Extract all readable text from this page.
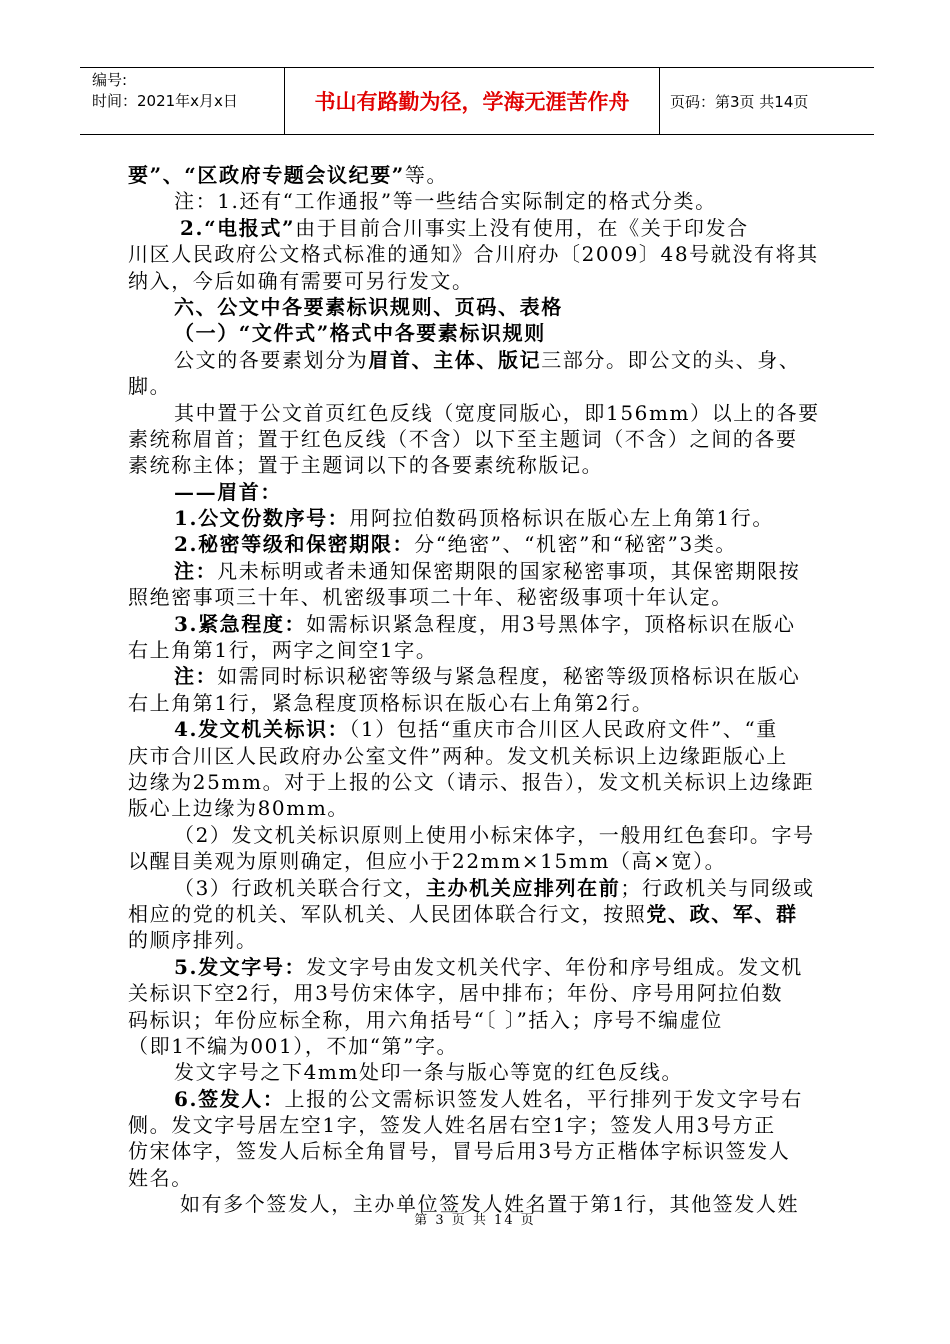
编号:
时间：2021年x月x日	书山有路勤为径，学海无涯苦作舟	页码：第3页 共14页
要”、“区政府专题会议纪要”等。
注：1.还有“工作通报”等一些结合实际制定的格式分类。
2.“电报式”由于目前合川事实上没有使用，在《关于印发合
川区人民政府公文格式标准的通知》合川府办〔2009〕48号就没有将其
纳入，今后如确有需要可另行发文。
六、公文中各要素标识规则、页码、表格
（一）“文件式”格式中各要素标识规则
公文的各要素划分为眉首、主体、版记三部分。即公文的头、身、
脚。
其中置于公文首页红色反线（宽度同版心，即156mm）以上的各要
素统称眉首；置于红色反线（不含）以下至主题词（不含）之间的各要
素统称主体；置于主题词以下的各要素统称版记。
——眉首：
1.公文份数序号：用阿拉伯数码顶格标识在版心左上角第1行。
2.秘密等级和保密期限：分“绝密”、“机密”和“秘密”3类。
注：凡未标明或者未通知保密期限的国家秘密事项，其保密期限按
照绝密事项三十年、机密级事项二十年、秘密级事项十年认定。
3.紧急程度：如需标识紧急程度，用3号黑体字，顶格标识在版心
右上角第1行，两字之间空1字。
注：如需同时标识秘密等级与紧急程度，秘密等级顶格标识在版心
右上角第1行，紧急程度顶格标识在版心右上角第2行。
4.发文机关标识：（1）包括“重庆市合川区人民政府文件”、“重
庆市合川区人民政府办公室文件”两种。发文机关标识上边缘距版心上
边缘为25mm。对于上报的公文（请示、报告），发文机关标识上边缘距
版心上边缘为80mm。
（2）发文机关标识原则上使用小标宋体字，一般用红色套印。字号
以醒目美观为原则确定，但应小于22mm×15mm（高×宽）。
（3）行政机关联合行文，主办机关应排列在前；行政机关与同级或
相应的党的机关、军队机关、人民团体联合行文，按照党、政、军、群
的顺序排列。
5.发文字号：发文字号由发文机关代字、年份和序号组成。发文机
关标识下空2行，用3号仿宋体字，居中排布；年份、序号用阿拉伯数
码标识；年份应标全称，用六角括号“〔 〕”括入；序号不编虚位
（即1不编为001），不加“第”字。
发文字号之下4mm处印一条与版心等宽的红色反线。
6.签发人：上报的公文需标识签发人姓名，平行排列于发文字号右
侧。发文字号居左空1字，签发人姓名居右空1字；签发人用3号方正
仿宋体字，签发人后标全角冒号，冒号后用3号方正楷体字标识签发人
姓名。
如有多个签发人，主办单位签发人姓名置于第1行，其他签发人姓
第 3 页 共 14 页
